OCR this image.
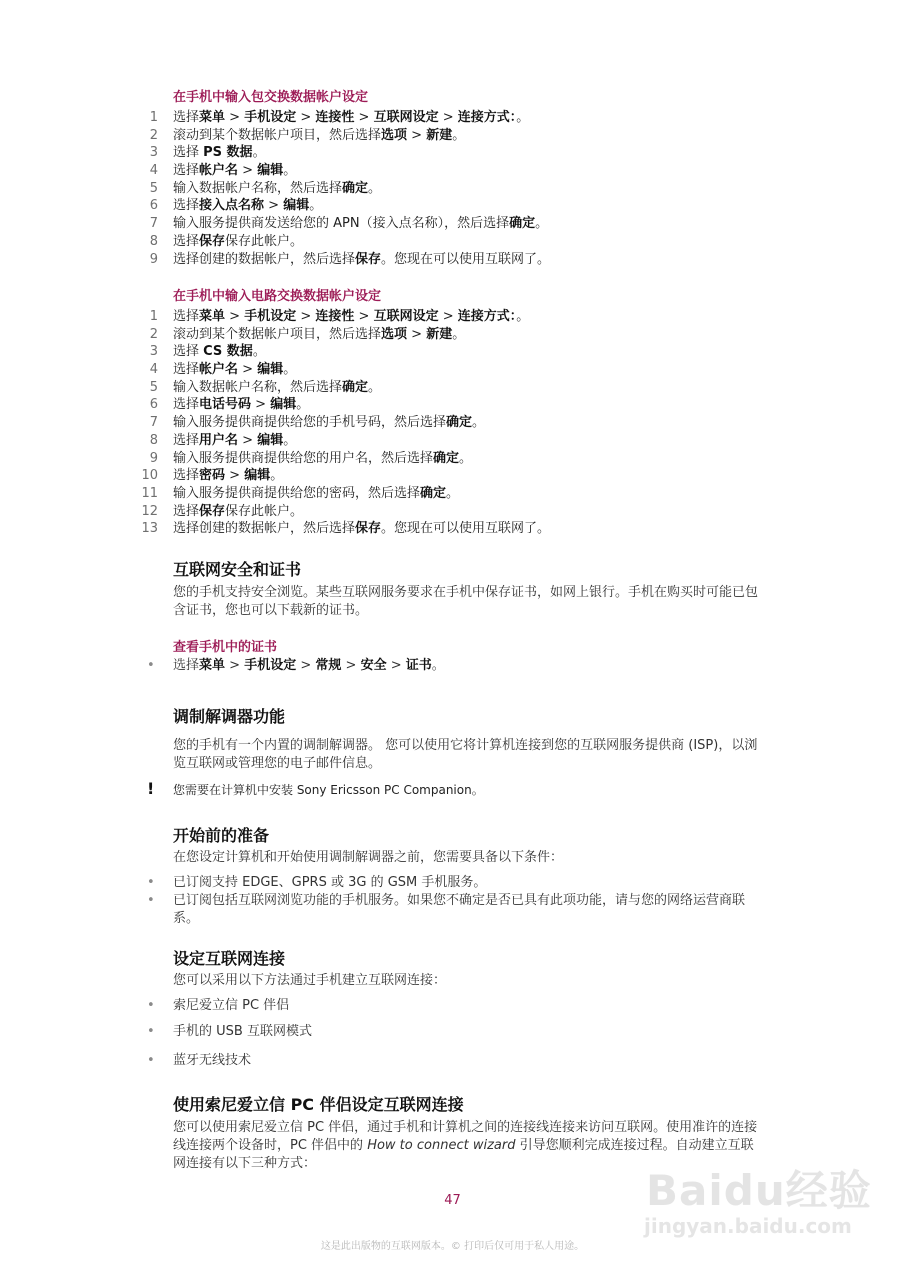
在手机中输入包交换数据帐户设定
1 选择菜单 > 手机设定 > 连接性 > 互联网设定 > 连接方式：。
2 滚动到某个数据帐户项目，然后选择选项 > 新建。
3 选择 PS 数据。
4 选择帐户名 > 编辑。
5 输入数据帐户名称，然后选择确定。
6 选择接入点名称 > 编辑。
7 输入服务提供商发送给您的 APN（接入点名称），然后选择确定。
8 选择保存保存此帐户。
9 选择创建的数据帐户，然后选择保存。您现在可以使用互联网了。
在手机中输入电路交换数据帐户设定
1 选择菜单 > 手机设定 > 连接性 > 互联网设定 > 连接方式：。
2 滚动到某个数据帐户项目，然后选择选项 > 新建。
3 选择 CS 数据。
4 选择帐户名 > 编辑。
5 输入数据帐户名称，然后选择确定。
6 选择电话号码 > 编辑。
7 输入服务提供商提供给您的手机号码，然后选择确定。
8 选择用户名 > 编辑。
9 输入服务提供商提供给您的用户名，然后选择确定。
10 选择密码 > 编辑。
11 输入服务提供商提供给您的密码，然后选择确定。
12 选择保存保存此帐户。
13 选择创建的数据帐户，然后选择保存。您现在可以使用互联网了。
互联网安全和证书
您的手机支持安全浏览。某些互联网服务要求在手机中保存证书，如网上银行。手机在购买时可能已包含证书，您也可以下载新的证书。
查看手机中的证书
• 选择菜单 > 手机设定 > 常规 > 安全 > 证书。
调制解调器功能
您的手机有一个内置的调制解调器。 您可以使用它将计算机连接到您的互联网服务提供商 (ISP)，以浏览互联网或管理您的电子邮件信息。
! 您需要在计算机中安装 Sony Ericsson PC Companion。
开始前的准备
在您设定计算机和开始使用调制解调器之前，您需要具备以下条件：
• 已订阅支持 EDGE、GPRS 或 3G 的 GSM 手机服务。
• 已订阅包括互联网浏览功能的手机服务。如果您不确定是否已具有此项功能，请与您的网络运营商联系。
设定互联网连接
您可以采用以下方法通过手机建立互联网连接：
• 索尼爱立信 PC 伴侣
• 手机的 USB 互联网模式
• 蓝牙无线技术
使用索尼爱立信 PC 伴侣设定互联网连接
您可以使用索尼爱立信 PC 伴侣，通过手机和计算机之间的连接线连接来访问互联网。使用准许的连接线连接两个设备时，PC 伴侣中的 How to connect wizard 引导您顺利完成连接过程。自动建立互联网连接有以下三种方式：
47
这是此出版物的互联网版本。© 打印后仅可用于私人用途。
Baidu经验
jingyan.baidu.com
